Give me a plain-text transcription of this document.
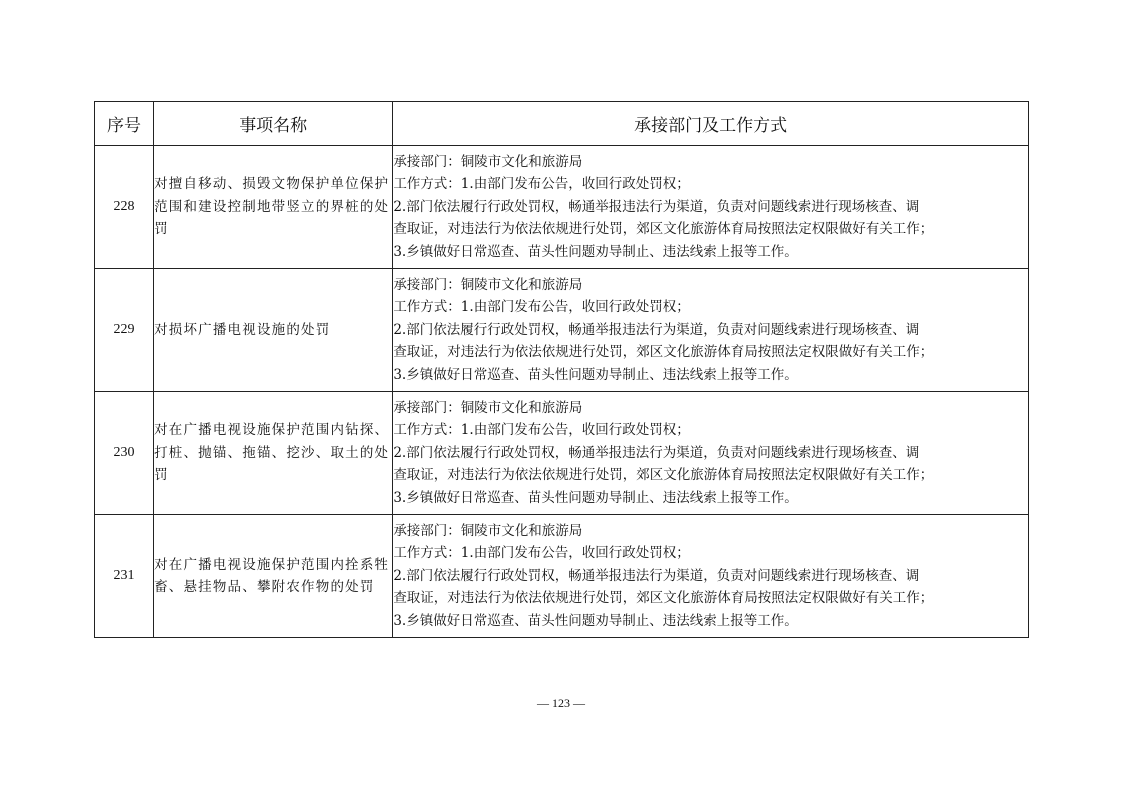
序号	事项名称	承接部门及工作方式
228	对擅自移动、损毁文物保护单位保护范围和建设控制地带竖立的界桩的处罚	承接部门：铜陵市文化和旅游局
工作方式：1.由部门发布公告，收回行政处罚权；
2.部门依法履行行政处罚权，畅通举报违法行为渠道，负责对问题线索进行现场核查、调
查取证，对违法行为依法依规进行处罚，郊区文化旅游体育局按照法定权限做好有关工作；
3.乡镇做好日常巡查、苗头性问题劝导制止、违法线索上报等工作。

229	对损坏广播电视设施的处罚	承接部门：铜陵市文化和旅游局
工作方式：1.由部门发布公告，收回行政处罚权；
2.部门依法履行行政处罚权，畅通举报违法行为渠道，负责对问题线索进行现场核查、调
查取证，对违法行为依法依规进行处罚，郊区文化旅游体育局按照法定权限做好有关工作；
3.乡镇做好日常巡查、苗头性问题劝导制止、违法线索上报等工作。

230	对在广播电视设施保护范围内钻探、打桩、抛锚、拖锚、挖沙、取土的处罚	承接部门：铜陵市文化和旅游局
工作方式：1.由部门发布公告，收回行政处罚权；
2.部门依法履行行政处罚权，畅通举报违法行为渠道，负责对问题线索进行现场核查、调
查取证，对违法行为依法依规进行处罚，郊区文化旅游体育局按照法定权限做好有关工作；
3.乡镇做好日常巡查、苗头性问题劝导制止、违法线索上报等工作。

231	对在广播电视设施保护范围内拴系牲畜、悬挂物品、攀附农作物的处罚	承接部门：铜陵市文化和旅游局
工作方式：1.由部门发布公告，收回行政处罚权；
2.部门依法履行行政处罚权，畅通举报违法行为渠道，负责对问题线索进行现场核查、调
查取证，对违法行为依法依规进行处罚，郊区文化旅游体育局按照法定权限做好有关工作；
3.乡镇做好日常巡查、苗头性问题劝导制止、违法线索上报等工作。
— 123 —
